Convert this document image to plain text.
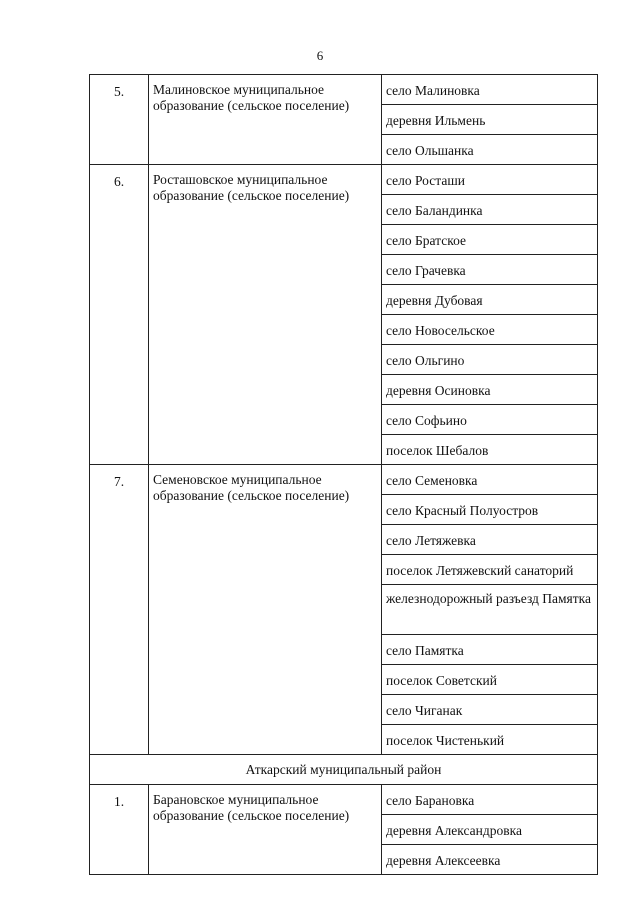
6
5.	Малиновское муниципальное образование (сельское поселение)	село Малиновка

		деревня Ильмень

		село Ольшанка

6.	Росташовское муниципальное образование (сельское поселение)	село Росташи

		село Баландинка

		село Братское

		село Грачевка

		деревня Дубовая

		село Новосельское

		село Ольгино

		деревня Осиновка

		село Софьино

		поселок Шебалов

7.	Семеновское муниципальное образование (сельское поселение)	село Семеновка

		село Красный Полуостров

		село Летяжевка

		поселок Летяжевский санаторий

		железнодорожный разъезд Памятка

		село Памятка

		поселок Советский

		село Чиганак

		поселок Чистенький

Аткарский муниципальный район		
1.	Барановское муниципальное образование (сельское поселение)	село Барановка

		деревня Александровка

		деревня Алексеевка
